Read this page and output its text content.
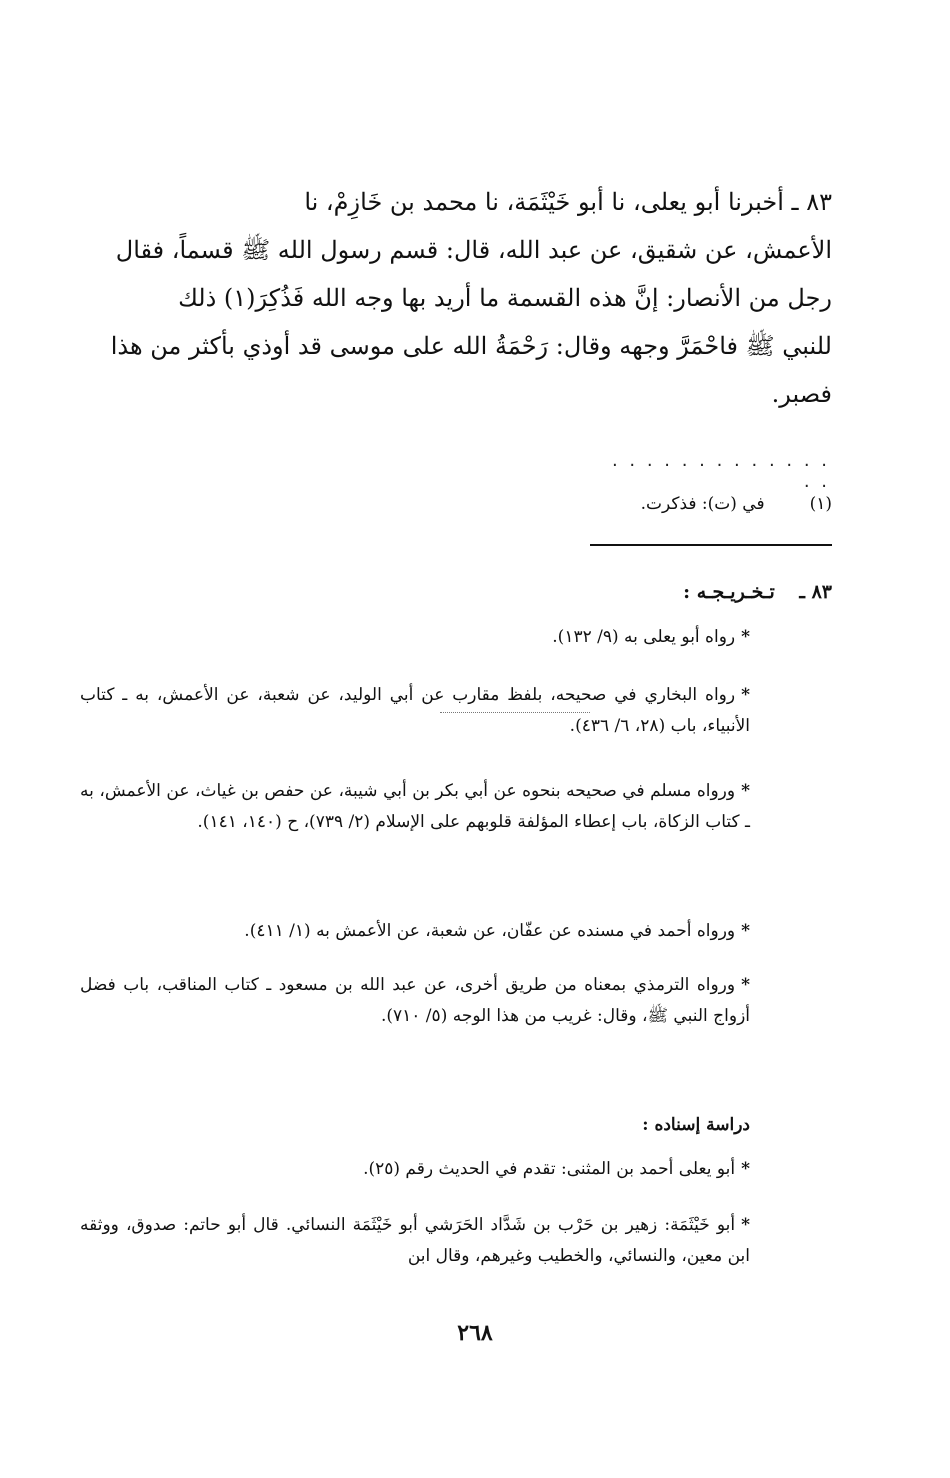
٨٣ ـ أخبرنا أبو يعلى، نا أبو خَيْثَمَة، نا محمد بن خَازِمْ، نا

الأعمش، عن شقيق، عن عبد الله، قال: قسم رسول الله ﷺ قسماً، فقال

رجل من الأنصار: إنَّ هذه القسمة ما أريد بها وجه الله فَذُكِرَ(١) ذلك

للنبي ﷺ فاحْمَرَّ وجهه وقال: رَحْمَةُ الله على موسى قد أوذي بأكثر من هذا

فصبر.

. . . . . . . . . . . . . . .
(١) في (ت): فذكرت.
٨٣ ـ تـخـريـجـه :
*رواه أبو يعلى به (٩/ ١٣٢).
*رواه البخاري في صحيحه، بلفظ مقارب عن أبي الوليد، عن شعبة، عن الأعمش، به ـ كتاب الأنبياء، باب (٢٨، ٦/ ٤٣٦).
*ورواه مسلم في صحيحه بنحوه عن أبي بكر بن أبي شيبة، عن حفص بن غياث، عن الأعمش، به ـ كتاب الزكاة، باب إعطاء المؤلفة قلوبهم على الإسلام (٢/ ٧٣٩)، ح (١٤٠، ١٤١).
*ورواه أحمد في مسنده عن عفّان، عن شعبة، عن الأعمش به (١/ ٤١١).
*ورواه الترمذي بمعناه من طريق أخرى، عن عبد الله بن مسعود ـ كتاب المناقب، باب فضل أزواج النبي ﷺ، وقال: غريب من هذا الوجه (٥/ ٧١٠).
دراسة إسناده :
*أبو يعلى أحمد بن المثنى: تقدم في الحديث رقم (٢٥).
*أبو خَيْثَمَة: زهير بن حَرْب بن شَدَّاد الحَرَشي أبو خَيْثَمَة النسائي. قال أبو حاتم: صدوق، ووثقه ابن معين، والنسائي، والخطيب وغيرهم، وقال ابن
٢٦٨
